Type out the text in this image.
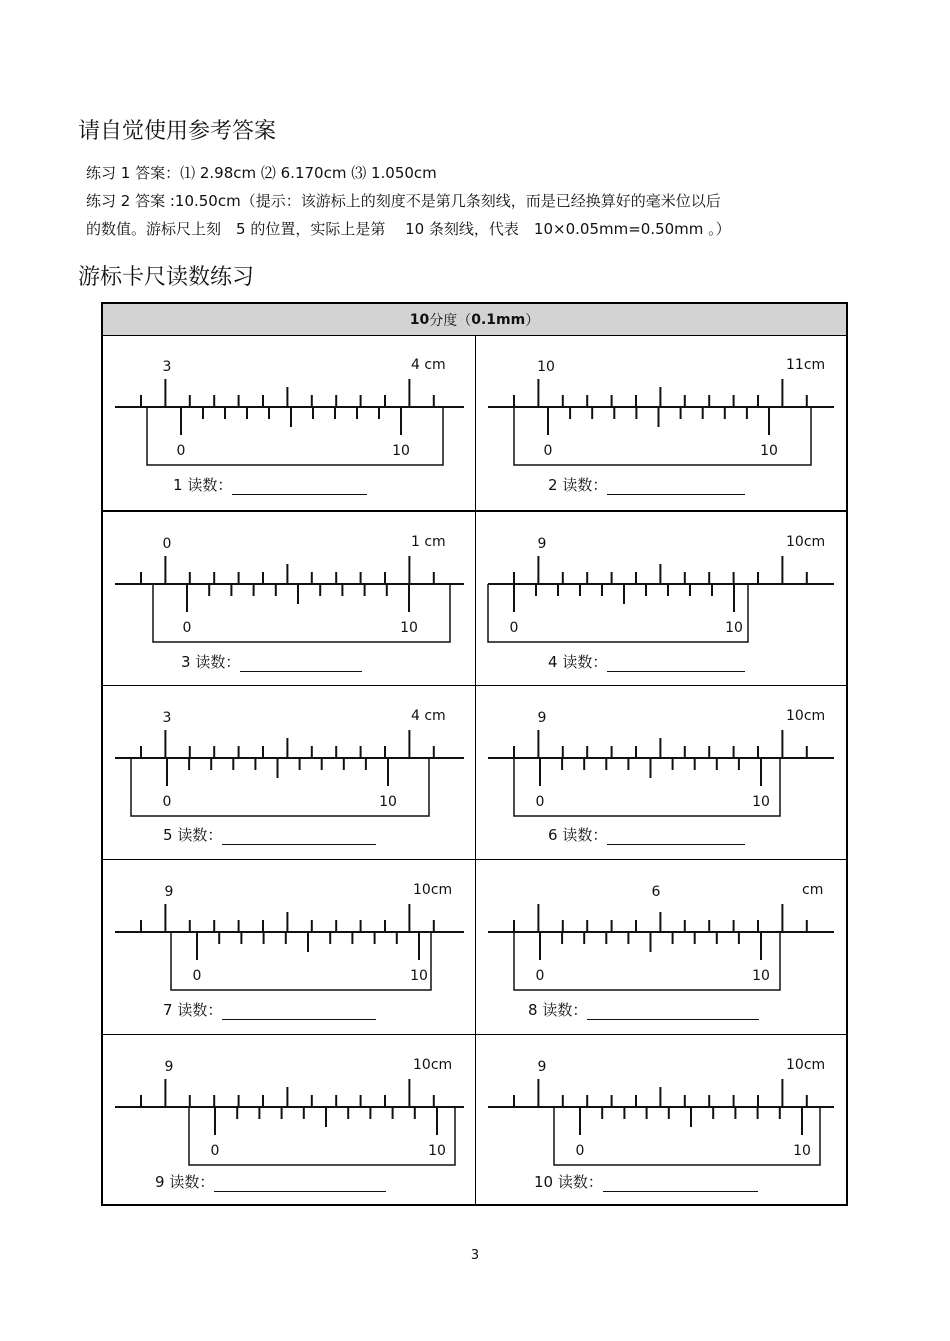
请自觉使用参考答案
练习 1 答案：⑴ 2.98cm ⑵ 6.170cm ⑶ 1.050cm
练习 2 答案 :10.50cm（提示：该游标上的刻度不是第几条刻线，而是已经换算好的毫米位以后
的数值。游标尺上刻　5 的位置，实际上是第　 10 条刻线，代表　10×0.05mm=0.50mm 。）
游标卡尺读数练习
10 分度（ 0.1mm ）
3	4 cm
0	10
1 读数：
10	11cm
0	10
2 读数：
0	1 cm
0	10
3 读数：
9	10cm
0	10
4 读数：
3	4 cm
0	10
5 读数：
9	10cm
0	10
6 读数：
9	10cm
0	10
7 读数：
6	cm
0	10
8 读数：
9	10cm
0	10
9 读数：
9	10cm
0	10
10 读数：
3
